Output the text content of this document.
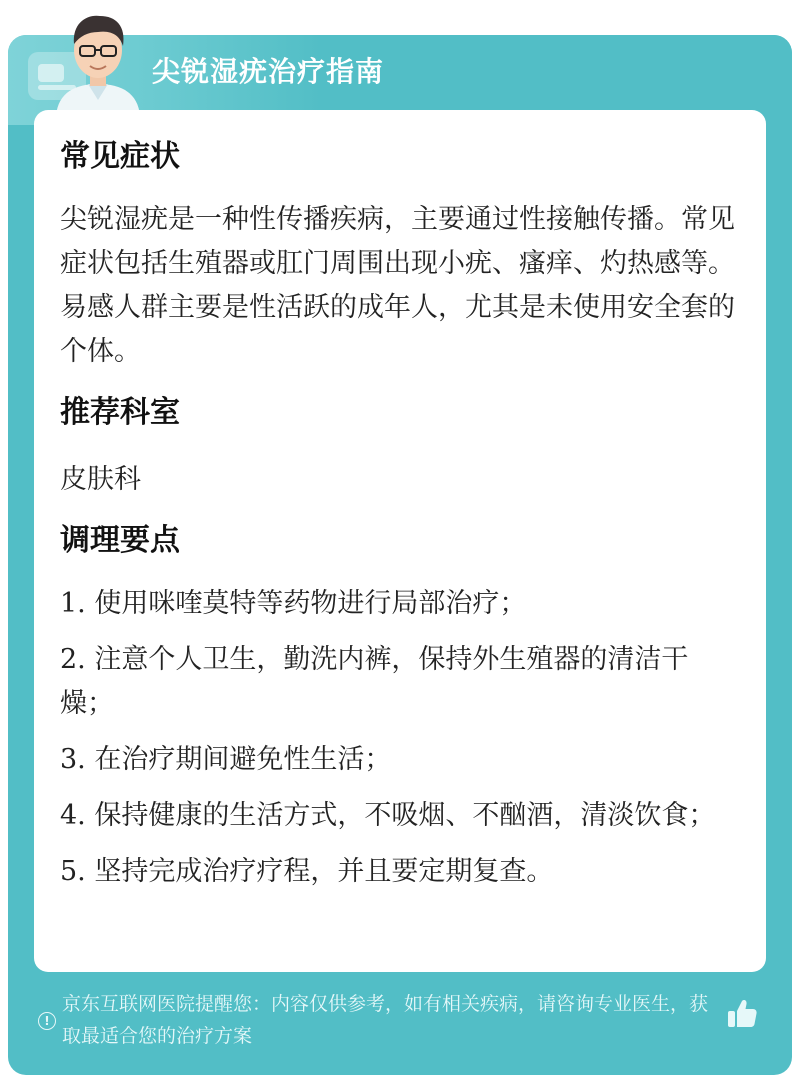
尖锐湿疣治疗指南
常见症状

尖锐湿疣是一种性传播疾病，主要通过性接触传播。常见症状包括生殖器或肛门周围出现小疣、瘙痒、灼热感等。易感人群主要是性活跃的成年人，尤其是未使用安全套的个体。

推荐科室

皮肤科

调理要点
1. 使用咪喹莫特等药物进行局部治疗；
2. 注意个人卫生，勤洗内裤，保持外生殖器的清洁干燥；
3. 在治疗期间避免性生活；
4. 保持健康的生活方式，不吸烟、不酗酒，清淡饮食；
5. 坚持完成治疗疗程，并且要定期复查。
!
京东互联网医院提醒您：内容仅供参考，如有相关疾病，请咨询专业医生，获取最适合您的治疗方案
